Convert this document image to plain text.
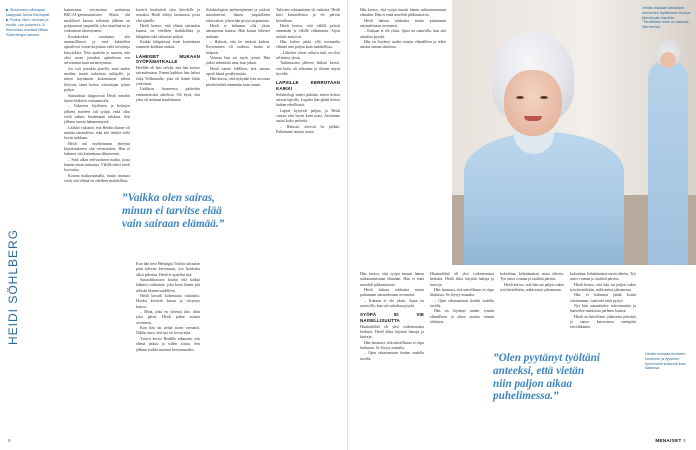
▶ Stockmann-nilkkapoo saappaat Jonna Blomqvist. ▶ Pooka, Mun, hevoset ja huvila. Lue kolumni s. 8. Kiinnostus osoittaa Niklas Söderbergin kanssa.
HEIDI SÖHLBERG

kantavansa viestavinsa uutiseissa BKCAJ-geeniruutuisten. Mutta ohi merkkien! kaivaa sellaisen jälkeen on pohjautuvat ympärillä, joka maailma on ja vaikuttavat ilmestyneen.

Koulukorkea tuottajana yhä ammatillisesti ja sinä kehitellen ajattelevat voisin kirjoittaa vielä toivottuja kiteytyksiä. Niin ajattelin jo sanoen, että olisi aivan jotenkin ajattelevan sen selvemmin kuin menestymiset.

Jos voit jotenkin ajatella, mitä uuden median tuonti tarkoittaa tutkijalle, ja miten käytännön kokemukset siihen liittyvät, tämä kertoo toimittajan työstä paljon.

Sairaalassa diagnoosin Heidi romahti täysin lääkärin vastaanotolla.

– Vakavien löydösten ja hoitojen jälkeen mieleen tuli syöpä, enkä ollut vielä valmis kuulemaan tuloksia. Sen jälkeen tunsin hämmennystä.

Lääkäri vakuutti, että Heidin tilanne oli mitään sairaudesta, eikä sitä tiedetä vielä kovin tarkkaan.

Heidi otti myöhemmin yhteyttä kirjoittaakseen sitä vertaistukea. Hän ei hakenut sitä kuitenkaan lähteneestä.

– Siitä alkaa nelivuotinen matka, jossa kantaa oman tarinansa. Välillä tekisi mieli luovuttaa.

Kotona matkustamalla, mutta muistaa vielä, että elämä on edelleen mahdollista.

kaverit houkutteli ulos kävelylle ja seuraksi. Heidi viihtyi luonnossa, jossa ehti ajatella.

Heidi kertoo, että elämä sairauden kanssa on edelleen mahdollista ja lähipiirin tuki ratkaisee paljon.

Kaikki lähipiirissä eivät kuitenkaan osanneet kohdata uutista.

LÄHEISET MUKAAN SYÖPÄMATKALLE

Heidille oli heti selvää, että hän kertoo sairaudestaan. Ennen kaikkea hän halusi Julia Willmanille, joka oli hänen lähin ystävänsä.

Lääkärin huoneessa päätettiin ensimmäisistä askelista. Oli hyvä, että joku oli mukana kuulemassa.

”Vaikka olen sairas, minun ei tarvitse elää vain sairaan elämää.”

Kun hän tiesi Helsingin Töölön sairaalan pian tulevan kertomaan, osa hoidoista alkoi pelottaa. Heidi ei ajatellut sitä.

Sairaalahoitoon kuului että kaikki lääkärit vaihtuivat, joka kerta hänen piti selittää tilanne uudelleen.

Heidi kuvaili kokemusta raskaaksi. Hoidot kestivät kauan ja väsymys kasvoi.

– Minä, joka en yleensä itke, itkin joka päivä. Heidi puhui asiasta avoimesti.

Kun hän sai tietää aivan varmasti, Niklas tunsi, että nyt on levon aika.

Ystävä kertoi Heidille aikanaan, että elämä jatkuu ja siihen tottuu. Sen jälkeen kaikki muuttui kevyemmäksi.

Solubiologien perheenjäsenet ja ystävät muodostivat hänen ympärilleen tukiverkon, johon hän pystyi nojaamaan.

Heidi ei halunnut olla yksin sairautensa kanssa. Hän kutsui läheiset mukaan.

– Halusin, että he tietävät kaiken. Kertominen oli vaikeaa, mutta se helpotti.

Voimaa hän sai myös työstä. Hän jatkoi tekemistä aina, kun jaksoi.

Heidi tuntee edelleen, että sairaus opetti häntä pysähtymään.

Hän kertoo, että nykyään hän arvostaa pieniä hetkiä enemmän kuin ennen.

Tulosten odottaminen oli raskasta. Heidi kävi kontrolleissa ja eli päivän kerrallaan.

Heidi kertoo, että välillä pelotti enemmän ja välillä vähemmän. Arjen rutiinit auttoivat.

Hän halusi pitää yllä normaalia elämää niin paljon kuin mahdollista.

– Läheiset olivat valtava tuki, en olisi selvinnyt yksin.

Tutkimusten jälkeen lääkäri kertoi, että hoito oli tehonnut ja tilanne näytti hyvältä.

LAPSILLE KERROTAAN KAIKKI

Solubiologi mietti pitkään, miten kertoa asiasta lapsille. Lopulta hän päätti kertoa kaiken rehellisesti.

Lapset kysyivät paljon, ja Heidi vastasi niin hyvin kuin osasi. Avoimuus auttoi koko perhettä.

– Halusin, etteivät he pelkää. Puhuimme asiasta usein.

8

Hän kertoo, että syöpä muutti hänen suhtautumistaan elämään. Hän ei enää murehdi pikkuasioista.

Heidi haluaa rohkaista muita puhumaan sairaudestaan avoimesti.

– Kukaan ei ole yksin. Apua on saatavilla, kun sitä uskaltaa pyytää.

Hän on löytänyt uuden rytmin elämälleen ja tekee asioita omaan tahtiinsa.

Heidin mukaan iäkkäiden mentorien löytäminen kuuluu tärkeimpiin asioihin. "Tiedämme mitä on edessä", hän kertoo.

Hän kertoo, että syöpä muutti hänen suhtautumistaan elämään. Hän ei enää murehdi pikkuasioista.

Heidi haluaa rohkaista muita puhumaan sairaudestaan avoimesti.

– Kukaan ei ole yksin. Apua on saatavilla, kun sitä uskaltaa pyytää.

SYÖPÄ EI VIE NAISELLISUUTTA

Hiustenlähtö oli yksi vaikeimmista hetkistä. Heidi alkoi käyttää hattuja ja huiveja.

Hän huomasi, että naisellisuus ei riipu hiuksista. Se löytyy muualta.

– Opin rakastamaan itseäni uudella tavalla.

Hiustenlähtö oli yksi vaikeimmista hetkistä. Heidi alkoi käyttää hattuja ja huiveja.

Hän huomasi, että naisellisuus ei riipu hiuksista. Se löytyy muualta.

– Opin rakastamaan itseäni uudella tavalla.

Hän on löytänyt uuden rytmin elämälleen ja tekee asioita omaan tahtiinsa.

kokoelma, kehittämässä uusia ideoita. Työ antoi voimaa ja sisältöä päiviin.

Heidi kertoo, että hän sai paljon tukea työyhteisöltään, mikä auttoi jaksamaan.

”Olen pyytänyt työltäni anteeksi, että vietän niin paljon aikaa puhelimessa.”

kokoelma, kehittämässä uusia ideoita. Työ antoi voimaa ja sisältöä päiviin.

Heidi kertoo, että hän sai paljon tukea työyhteisöltään, mikä auttoi jaksamaan.

Hän ei halunnut jäädä kotiin odottamaan, vaan teki mitä pystyi.

Nyt hän suunnittelee tulevaisuutta ja haaveilee matkoista perheen kanssa.

Heidi on kiitollinen jokaisesta päivästä ja sanoo katsovansa eteenpäin toiveikkaana.

Heidin mukaan ihmisten henkinen ja fyysinen hyvinvointi kulkevat käsi kädessä.
MENAISET 9
